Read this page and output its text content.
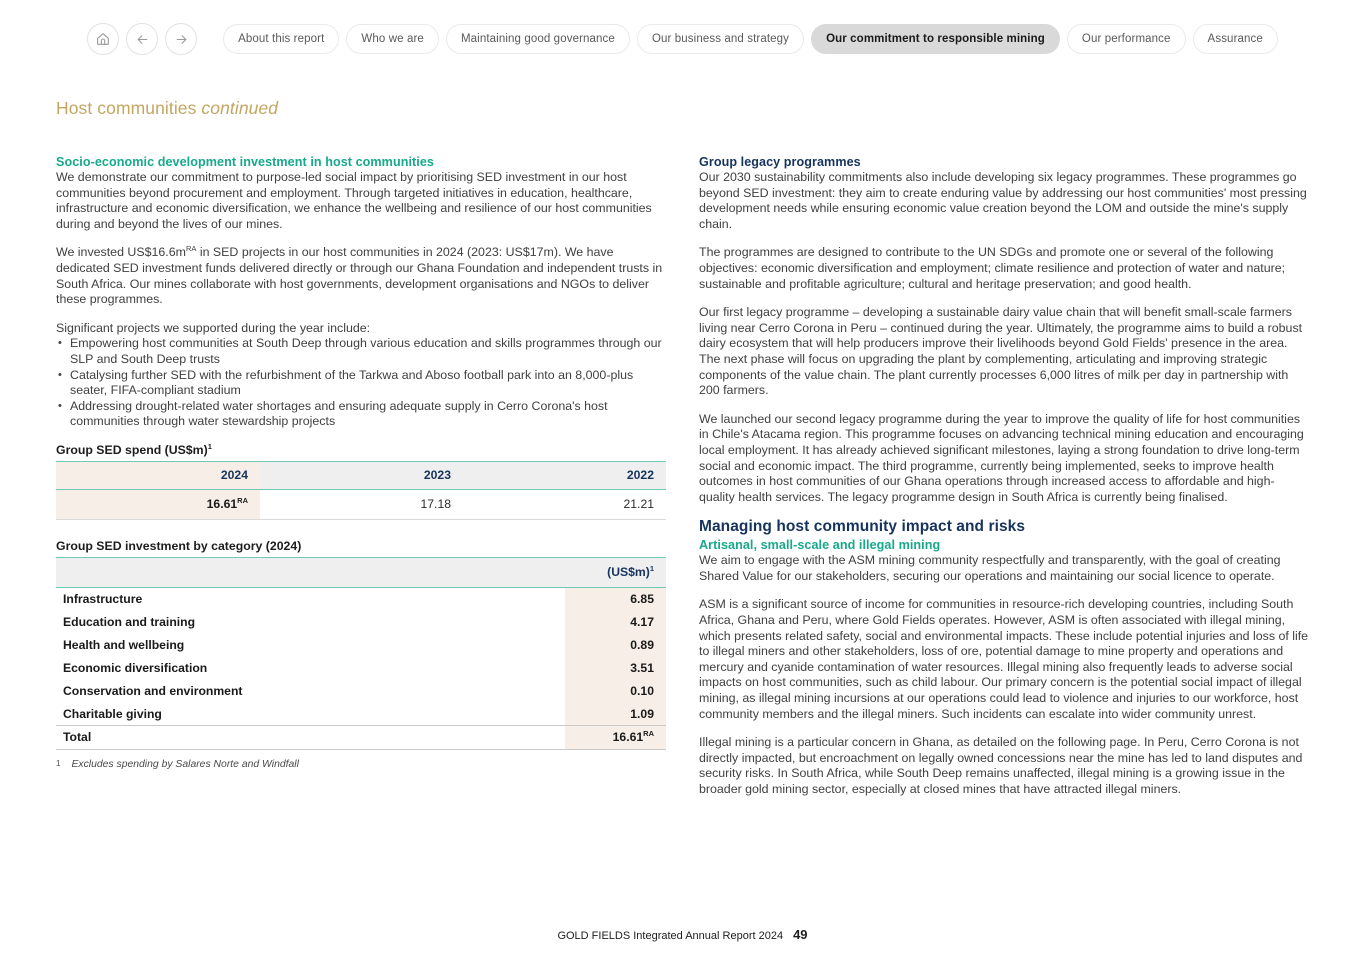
About this report	Who we are	Maintaining good governance	Our business and strategy	Our commitment to responsible mining	Our performance	Assurance
Host communities continued
Socio-economic development investment in host communities

We demonstrate our commitment to purpose-led social impact by prioritising SED investment in our host communities beyond procurement and employment. Through targeted initiatives in education, healthcare, infrastructure and economic diversification, we enhance the wellbeing and resilience of our host communities during and beyond the lives of our mines.

We invested $US\$16.6m^{RA}$ in SED projects in our host communities in 2024 (2023: US$17m). We have dedicated SED investment funds delivered directly or through our Ghana Foundation and independent trusts in South Africa. Our mines collaborate with host governments, development organisations and NGOs to deliver these programmes.

Significant projects we supported during the year include:

• Empowering host communities at South Deep through various education and skills programmes through our SLP and South Deep trusts
• Catalysing further SED with the refurbishment of the Tarkwa and Aboso football park into an 8,000-plus seater, FIFA-compliant stadium
• Addressing drought-related water shortages and ensuring adequate supply in Cerro Corona's host communities through water stewardship projects
Group SED spend (US$m)$^1$
2024	2023	2022
$16.61^{RA}$	17.18	21.21
Group SED investment by category (2024)
	(US$m)$^1$
Infrastructure	6.85
Education and training	4.17
Health and wellbeing	0.89
Economic diversification	3.51
Conservation and environment	0.10
Charitable giving	1.09
Total	$16.61^{RA}$
1 Excludes spending by Salares Norte and Windfall
Group legacy programmes

Our 2030 sustainability commitments also include developing six legacy programmes. These programmes go beyond SED investment: they aim to create enduring value by addressing our host communities' most pressing development needs while ensuring economic value creation beyond the LOM and outside the mine's supply chain.

The programmes are designed to contribute to the UN SDGs and promote one or several of the following objectives: economic diversification and employment; climate resilience and protection of water and nature; sustainable and profitable agriculture; cultural and heritage preservation; and good health.

Our first legacy programme – developing a sustainable dairy value chain that will benefit small-scale farmers living near Cerro Corona in Peru – continued during the year. Ultimately, the programme aims to build a robust dairy ecosystem that will help producers improve their livelihoods beyond Gold Fields' presence in the area. The next phase will focus on upgrading the plant by complementing, articulating and improving strategic components of the value chain. The plant currently processes 6,000 litres of milk per day in partnership with 200 farmers.

We launched our second legacy programme during the year to improve the quality of life for host communities in Chile's Atacama region. This programme focuses on advancing technical mining education and encouraging local employment. It has already achieved significant milestones, laying a strong foundation to drive long-term social and economic impact. The third programme, currently being implemented, seeks to improve health outcomes in host communities of our Ghana operations through increased access to affordable and high-quality health services. The legacy programme design in South Africa is currently being finalised.

Managing host community impact and risks
Artisanal, small-scale and illegal mining

We aim to engage with the ASM mining community respectfully and transparently, with the goal of creating Shared Value for our stakeholders, securing our operations and maintaining our social licence to operate.

ASM is a significant source of income for communities in resource-rich developing countries, including South Africa, Ghana and Peru, where Gold Fields operates. However, ASM is often associated with illegal mining, which presents related safety, social and environmental impacts. These include potential injuries and loss of life to illegal miners and other stakeholders, loss of ore, potential damage to mine property and operations and mercury and cyanide contamination of water resources. Illegal mining also frequently leads to adverse social impacts on host communities, such as child labour. Our primary concern is the potential social impact of illegal mining, as illegal mining incursions at our operations could lead to violence and injuries to our workforce, host community members and the illegal miners. Such incidents can escalate into wider community unrest.

Illegal mining is a particular concern in Ghana, as detailed on the following page. In Peru, Cerro Corona is not directly impacted, but encroachment on legally owned concessions near the mine has led to land disputes and security risks. In South Africa, while South Deep remains unaffected, illegal mining is a growing issue in the broader gold mining sector, especially at closed mines that have attracted illegal miners.

GOLD FIELDS Integrated Annual Report 2024 49
